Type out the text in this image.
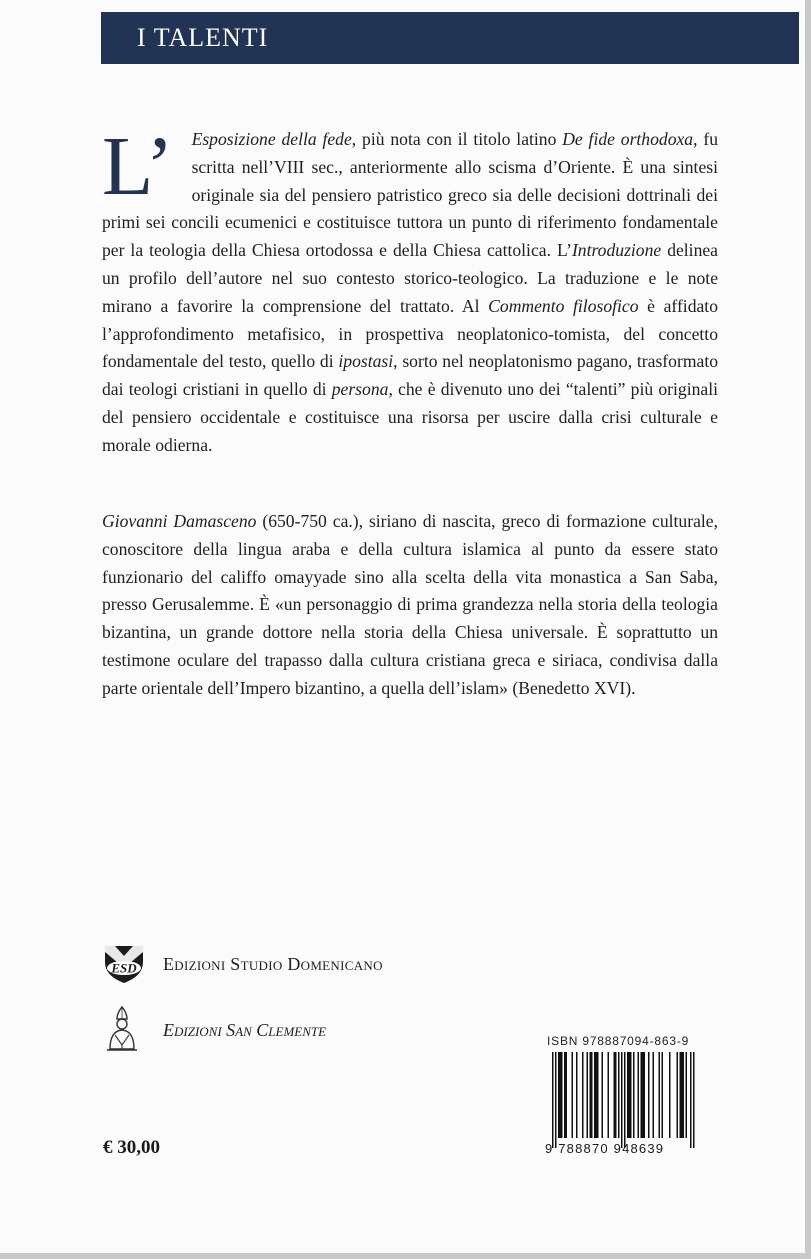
I TALENTI

L’ Esposizione della fede, più nota con il titolo latino De fide orthodoxa, fu scritta nell’VIII sec., anteriormente allo scisma d’Oriente. È una sintesi originale sia del pensiero patristico greco sia delle decisioni dottrinali dei primi sei concili ecumenici e costituisce tuttora un punto di riferimento fondamentale per la teologia della Chiesa ortodossa e della Chiesa cattolica. L’Introduzione delinea un profilo dell’autore nel suo contesto storico-teologico. La traduzione e le note mirano a favorire la comprensione del trattato. Al Commento filosofico è affidato l’approfondimento metafisico, in prospettiva neoplatonico-tomista, del concetto fondamentale del testo, quello di ipostasi, sorto nel neoplatonismo pagano, trasformato dai teologi cristiani in quello di persona, che è divenuto uno dei “talenti” più originali del pensiero occidentale e costituisce una risorsa per uscire dalla crisi culturale e morale odierna.

Giovanni Damasceno (650-750 ca.), siriano di nascita, greco di formazione culturale, conoscitore della lingua araba e della cultura islamica al punto da essere stato funzionario del califfo omayyade sino alla scelta della vita monastica a San Saba, presso Gerusalemme. È «un personaggio di prima grandezza nella storia della teologia bizantina, un grande dottore nella storia della Chiesa universale. È soprattutto un testimone oculare del trapasso dalla cultura cristiana greca e siriaca, condivisa dalla parte orientale dell’Impero bizantino, a quella dell’islam» (Benedetto XVI).

ESD Edizioni Studio Domenicano
Edizioni San Clemente
ISBN 978887094-863-9
9 788870 948639
€ 30,00
